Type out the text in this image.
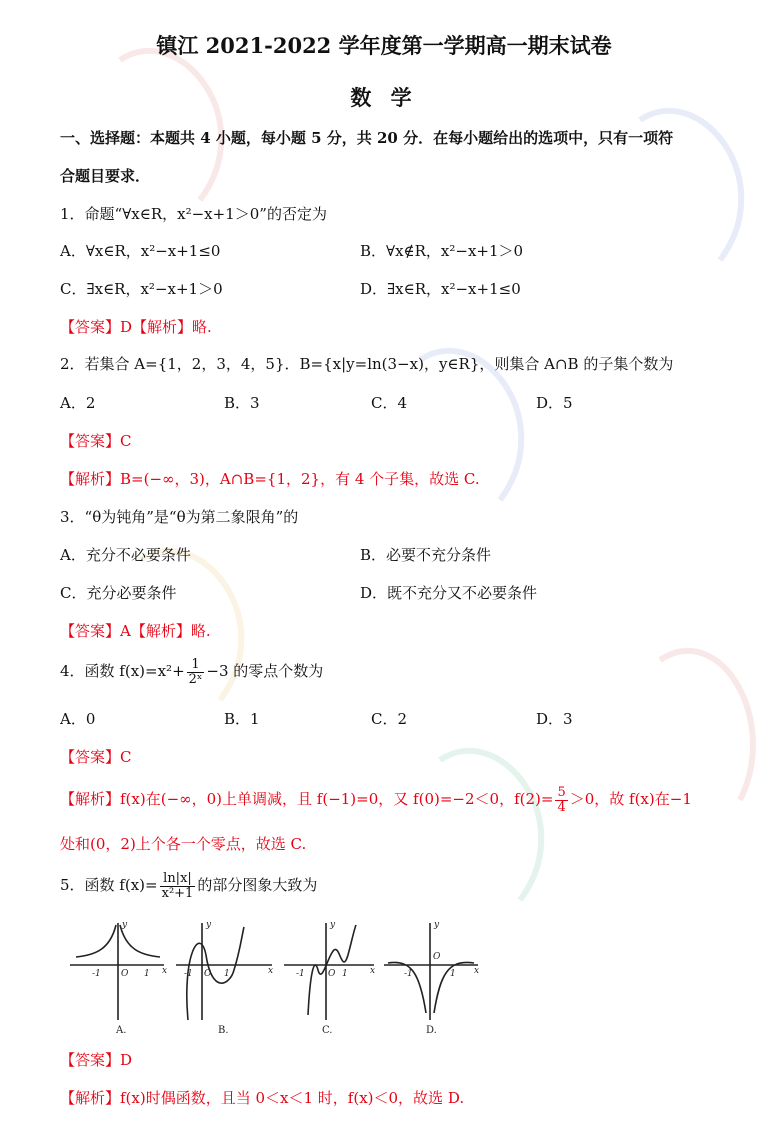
镇江 2021-2022 学年度第一学期高一期末试卷
数 学
一、选择题：本题共 4 小题，每小题 5 分，共 20 分．在每小题给出的选项中，只有一项符
合题目要求．
1．命题“∀x∈R，x²−x+1＞0”的否定为
A．∀x∈R，x²−x+1≤0	B．∀x∉R，x²−x+1＞0
C．∃x∈R，x²−x+1＞0	D．∃x∈R，x²−x+1≤0
【答案】D【解析】略.
2．若集合 A={1，2，3，4，5}．B={x|y=ln(3−x)，y∈R}，则集合 A∩B 的子集个数为
A．2	B．3	C．4	D．5
【答案】C
【解析】B=(−∞，3)，A∩B={1，2}，有 4 个子集，故选 C.
3．“θ为钝角”是“θ为第二象限角”的
A．充分不必要条件	B．必要不充分条件
C．充分必要条件	D．既不充分又不必要条件
【答案】A【解析】略.
4．函数 $f(x)=x^2+ \frac{1}{\text{2ˣ}} -3$ 的零点个数为
A．0	B．1	C．2	D．3
【答案】C
【解析】f(x)在(−∞，0)上单调减，且 f(−1)=0，又 f(0)=−2＜0，$f(2)= \frac{5}{4} >0$，故 f(x)在−1
处和(0，2)上个各一个零点，故选 C.
5．函数 $f(x)= \frac{\ln|x|}{\text{x²+1}}$ 的部分图象大致为
-1 O 1 x
y
-1 O 1	x
y
-1	O 1 x
y
-1
O
1 x
y
A.	B.	C.	D.
【答案】D
【解析】f(x)时偶函数，且当 0＜x＜1 时，f(x)＜0，故选 D.
